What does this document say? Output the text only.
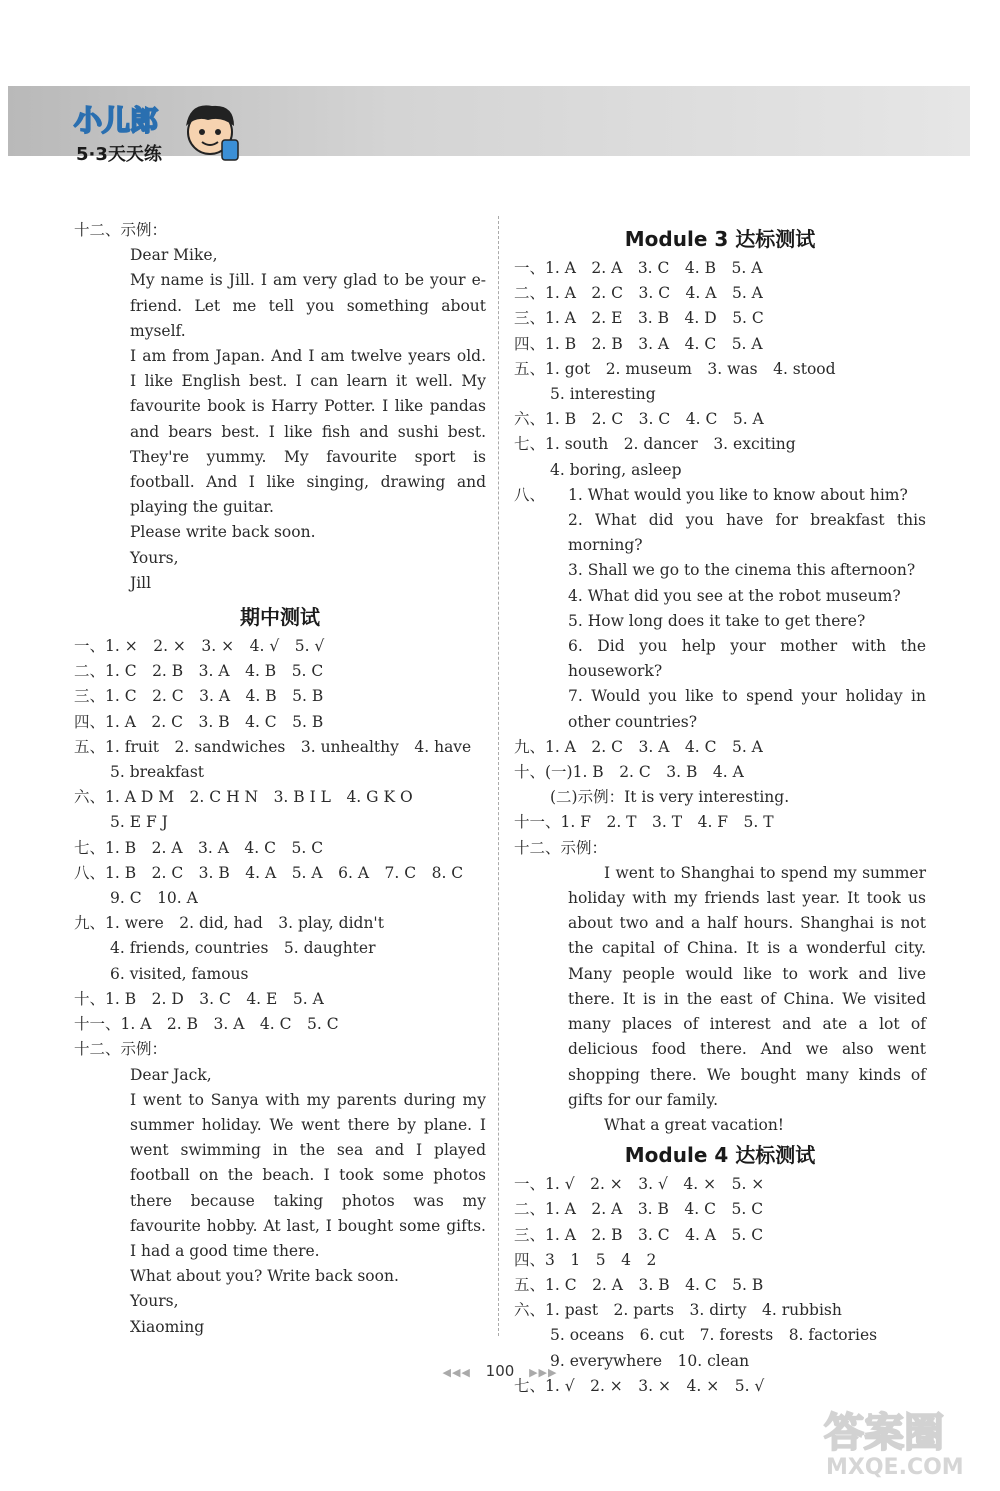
小儿郎
5·3天天练
十二、示例：
Dear Mike,
My name is Jill. I am very glad to be your e-friend. Let me tell you something about myself.
I am from Japan. And I am twelve years old. I like English best. I can learn it well. My favourite book is Harry Potter. I like pandas and bears best. I like fish and sushi best. They're yummy. My favourite sport is football. And I like singing, drawing and playing the guitar.
Please write back soon.
Yours,
Jill
期中测试
一、1. ×　2. ×　3. ×　4. √　5. √
二、1. C　2. B　3. A　4. B　5. C
三、1. C　2. C　3. A　4. B　5. B
四、1. A　2. C　3. B　4. C　5. B
五、1. fruit　2. sandwiches　3. unhealthy　4. have
5. breakfast
六、1. A D M　2. C H N　3. B I L　4. G K O
5. E F J
七、1. B　2. A　3. A　4. C　5. C
八、1. B　2. C　3. B　4. A　5. A　6. A　7. C　8. C
9. C　10. A
九、1. were　2. did, had　3. play, didn't
4. friends, countries　5. daughter
6. visited, famous
十、1. B　2. D　3. C　4. E　5. A
十一、1. A　2. B　3. A　4. C　5. C
十二、示例：
Dear Jack,
I went to Sanya with my parents during my summer holiday. We went there by plane. I went swimming in the sea and I played football on the beach. I took some photos there because taking photos was my favourite hobby. At last, I bought some gifts. I had a good time there.
What about you? Write back soon.
Yours,
Xiaoming
Module 3 达标测试
一、1. A　2. A　3. C　4. B　5. A
二、1. A　2. C　3. C　4. A　5. A
三、1. A　2. E　3. B　4. D　5. C
四、1. B　2. B　3. A　4. C　5. A
五、1. got　2. museum　3. was　4. stood
5. interesting
六、1. B　2. C　3. C　4. C　5. A
七、1. south　2. dancer　3. exciting
4. boring, asleep
八、	1. What would you like to know about him?
2. What did you have for breakfast this morning?
3. Shall we go to the cinema this afternoon?
4. What did you see at the robot museum?
5. How long does it take to get there?
6. Did you help your mother with the housework?
7. Would you like to spend your holiday in other countries?
九、1. A　2. C　3. A　4. C　5. A
十、(一)1. B　2. C　3. B　4. A
(二)示例：It is very interesting.
十一、1. F　2. T　3. T　4. F　5. T
十二、示例：
I went to Shanghai to spend my summer holiday with my friends last year. It took us about two and a half hours. Shanghai is not the capital of China. It is a wonderful city. Many people would like to work and live there. It is in the east of China. We visited many places of interest and ate a lot of delicious food there. And we also went shopping there. We bought many kinds of gifts for our family.
What a great vacation!
Module 4 达标测试
一、1. √　2. ×　3. √　4. ×　5. ×
二、1. A　2. A　3. B　4. C　5. C
三、1. A　2. B　3. C　4. A　5. C
四、3　1　5　4　2
五、1. C　2. A　3. B　4. C　5. B
六、1. past　2. parts　3. dirty　4. rubbish
5. oceans　6. cut　7. forests　8. factories
9. everywhere　10. clean
七、1. √　2. ×　3. ×　4. ×　5. √
◀◀◀ 100 ▶▶▶
答案圈
MXQE.COM
